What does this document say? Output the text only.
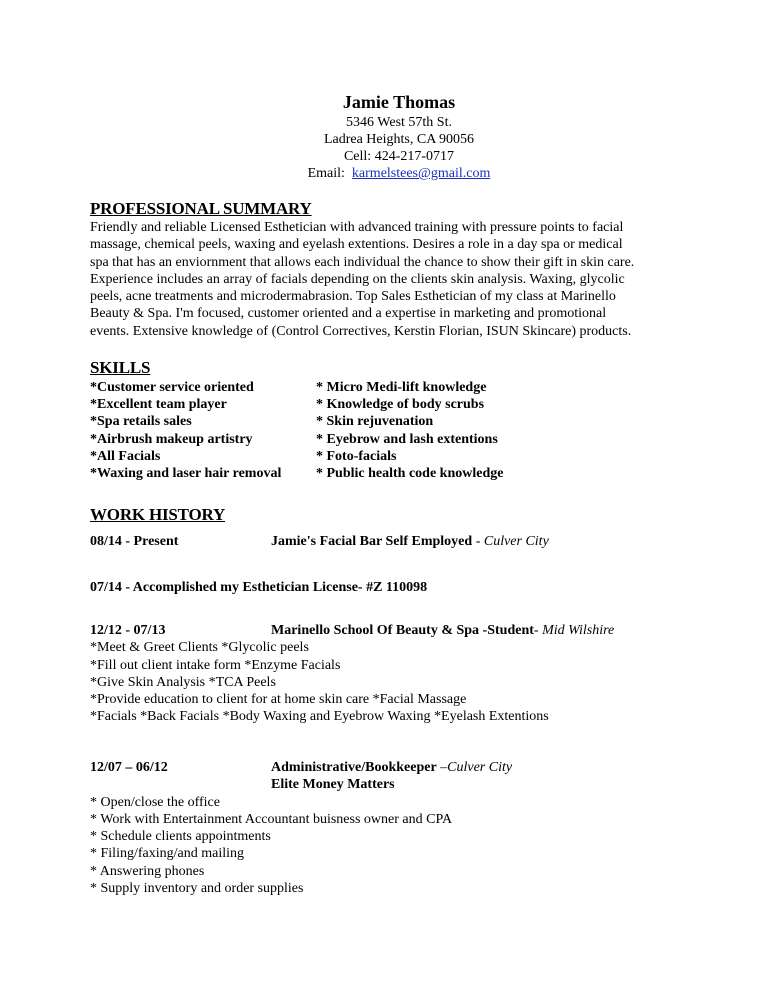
Jamie Thomas
5346 West 57th St.
Ladrea Heights, CA 90056
Cell: 424-217-0717
Email: karmelstees@gmail.com
PROFESSIONAL SUMMARY
Friendly and reliable Licensed Esthetician with advanced training with pressure points to facial
massage, chemical peels, waxing and eyelash extentions. Desires a role in a day spa or medical
spa that has an enviornment that allows each individual the chance to show their gift in skin care.
Experience includes an array of facials depending on the clients skin analysis. Waxing, glycolic
peels, acne treatments and microdermabrasion. Top Sales Esthetician of my class at Marinello
Beauty & Spa. I'm focused, customer oriented and a expertise in marketing and promotional
events. Extensive knowledge of (Control Correctives, Kerstin Florian, ISUN Skincare) products.
SKILLS
*Customer service oriented	* Micro Medi-lift knowledge
*Excellent team player	* Knowledge of body scrubs
*Spa retails sales	* Skin rejuvenation
*Airbrush makeup artistry	* Eyebrow and lash extentions
*All Facials	* Foto-facials
*Waxing and laser hair removal	* Public health code knowledge
WORK HISTORY
08/14 - Present	Jamie's Facial Bar Self Employed - Culver City
07/14 - Accomplished my Esthetician License- #Z 110098
12/12 - 07/13	Marinello School Of Beauty & Spa -Student- Mid Wilshire
*Meet & Greet Clients *Glycolic peels
*Fill out client intake form *Enzyme Facials
*Give Skin Analysis *TCA Peels
*Provide education to client for at home skin care *Facial Massage
*Facials *Back Facials *Body Waxing and Eyebrow Waxing *Eyelash Extentions
12/07 – 06/12	Administrative/Bookkeeper –Culver City
Elite Money Matters
* Open/close the office
* Work with Entertainment Accountant buisness owner and CPA
* Schedule clients appointments
* Filing/faxing/and mailing
* Answering phones
* Supply inventory and order supplies
